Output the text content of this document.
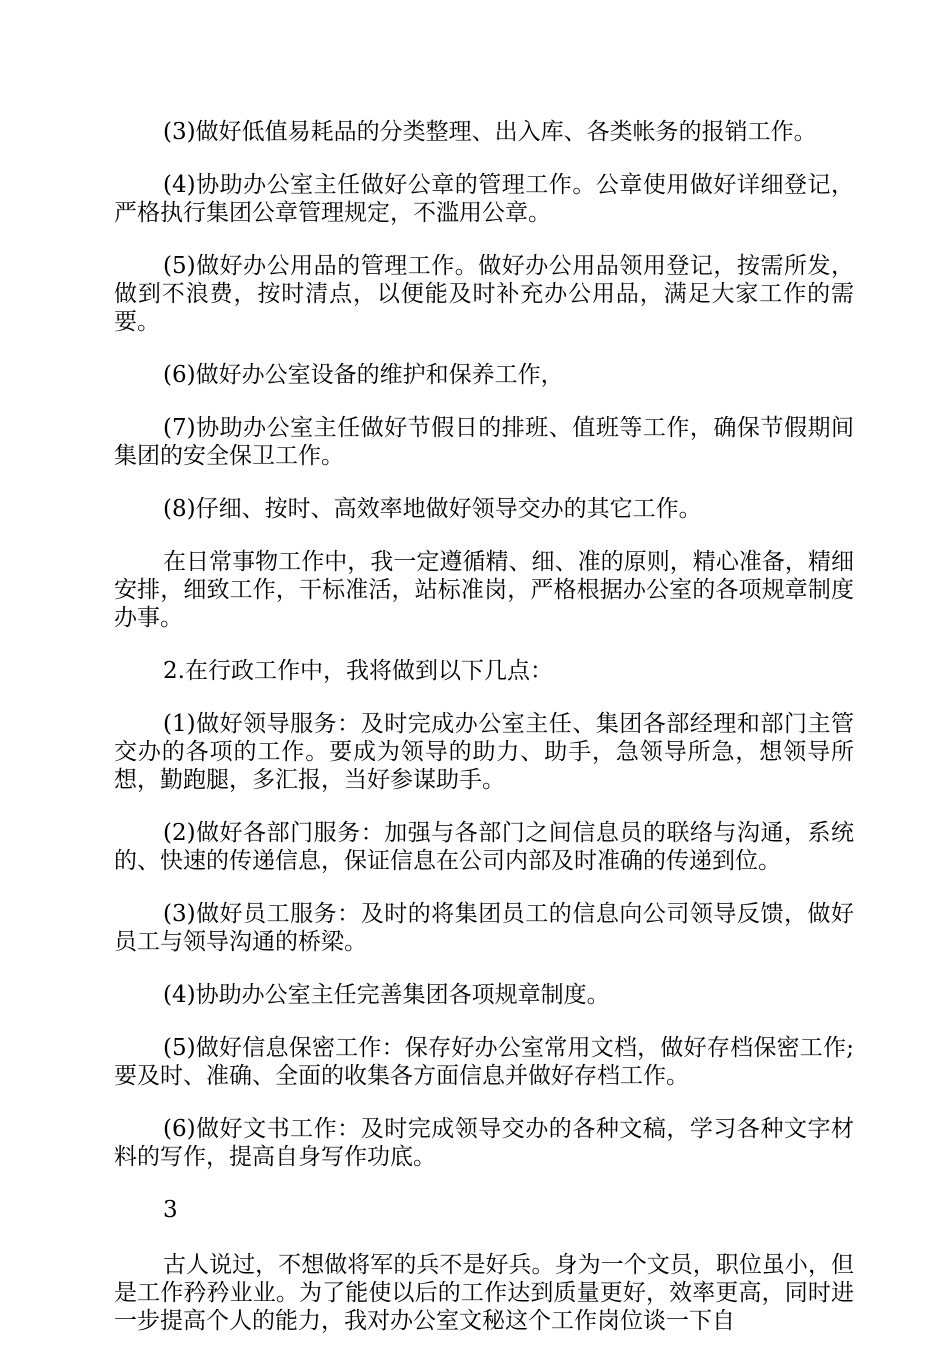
(3)做好低值易耗品的分类整理、出入库、各类帐务的报销工作。

(4)协助办公室主任做好公章的管理工作。公章使用做好详细登记，严格执行集团公章管理规定，不滥用公章。

(5)做好办公用品的管理工作。做好办公用品领用登记，按需所发，做到不浪费，按时清点，以便能及时补充办公用品，满足大家工作的需要。

(6)做好办公室设备的维护和保养工作，

(7)协助办公室主任做好节假日的排班、值班等工作，确保节假期间集团的安全保卫工作。

(8)仔细、按时、高效率地做好领导交办的其它工作。

在日常事物工作中，我一定遵循精、细、准的原则，精心准备，精细安排，细致工作，干标准活，站标准岗，严格根据办公室的各项规章制度办事。

2.在行政工作中，我将做到以下几点：

(1)做好领导服务：及时完成办公室主任、集团各部经理和部门主管交办的各项的工作。要成为领导的助力、助手，急领导所急，想领导所想，勤跑腿，多汇报，当好参谋助手。

(2)做好各部门服务：加强与各部门之间信息员的联络与沟通，系统的、快速的传递信息，保证信息在公司内部及时准确的传递到位。

(3)做好员工服务：及时的将集团员工的信息向公司领导反馈，做好员工与领导沟通的桥梁。

(4)协助办公室主任完善集团各项规章制度。

(5)做好信息保密工作：保存好办公室常用文档，做好存档保密工作;要及时、准确、全面的收集各方面信息并做好存档工作。

(6)做好文书工作：及时完成领导交办的各种文稿，学习各种文字材料的写作，提高自身写作功底。

3

古人说过，不想做将军的兵不是好兵。身为一个文员，职位虽小，但是工作矜矜业业。为了能使以后的工作达到质量更好，效率更高，同时进一步提高个人的能力，我对办公室文秘这个工作岗位谈一下自
